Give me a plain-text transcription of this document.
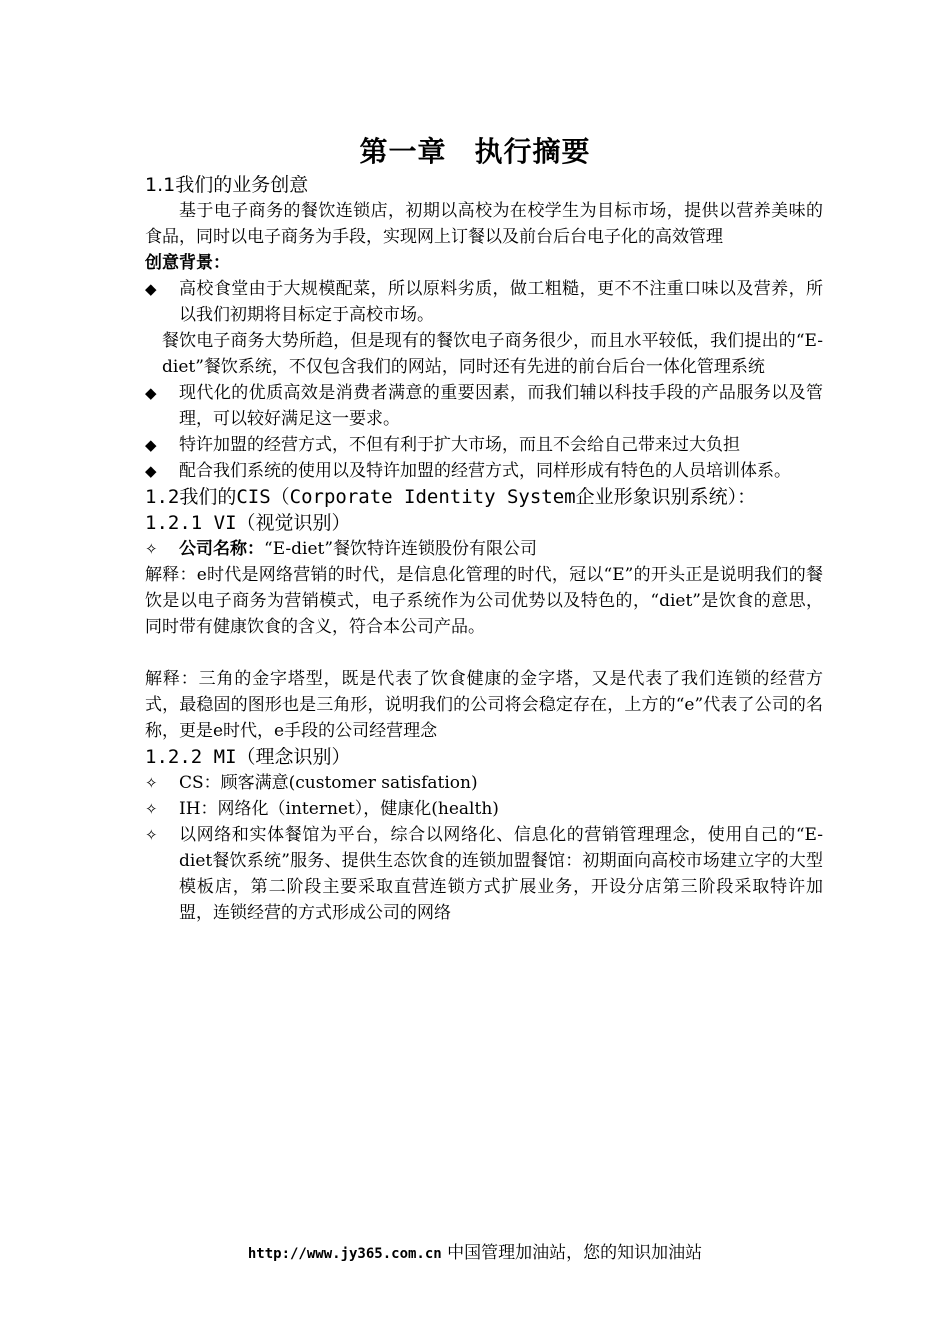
第一章 执行摘要
1.1我们的业务创意

基于电子商务的餐饮连锁店，初期以高校为在校学生为目标市场，提供以营养美味的食品，同时以电子商务为手段，实现网上订餐以及前台后台电子化的高效管理

创意背景：
◆	高校食堂由于大规模配菜，所以原料劣质，做工粗糙，更不不注重口味以及营养，所以我们初期将目标定于高校市场。
餐饮电子商务大势所趋，但是现有的餐饮电子商务很少，而且水平较低，我们提出的“E-diet”餐饮系统，不仅包含我们的网站，同时还有先进的前台后台一体化管理系统
◆	现代化的优质高效是消费者满意的重要因素，而我们辅以科技手段的产品服务以及管理，可以较好满足这一要求。
◆	特许加盟的经营方式，不但有利于扩大市场，而且不会给自己带来过大负担
◆	配合我们系统的使用以及特许加盟的经营方式，同样形成有特色的人员培训体系。
1.2我们的CIS（Corporate Identity System企业形象识别系统）：
1.2.1 VI（视觉识别）
✧	公司名称：“E-diet”餐饮特许连锁股份有限公司

解释：e时代是网络营销的时代，是信息化管理的时代，冠以“E”的开头正是说明我们的餐饮是以电子商务为营销模式，电子系统作为公司优势以及特色的，“diet”是饮食的意思，同时带有健康饮食的含义，符合本公司产品。

解释：三角的金字塔型，既是代表了饮食健康的金字塔，又是代表了我们连锁的经营方式，最稳固的图形也是三角形，说明我们的公司将会稳定存在，上方的“e”代表了公司的名称，更是e时代，e手段的公司经营理念

1.2.2 MI（理念识别）
✧	CS：顾客满意(customer satisfation)
✧	IH：网络化（internet），健康化(health)
✧	以网络和实体餐馆为平台，综合以网络化、信息化的营销管理理念，使用自己的“E-diet餐饮系统”服务、提供生态饮食的连锁加盟餐馆：初期面向高校市场建立字的大型模板店，第二阶段主要采取直营连锁方式扩展业务，开设分店第三阶段采取特许加盟，连锁经营的方式形成公司的网络
http://www.jy365.com.cn 中国管理加油站，您的知识加油站
